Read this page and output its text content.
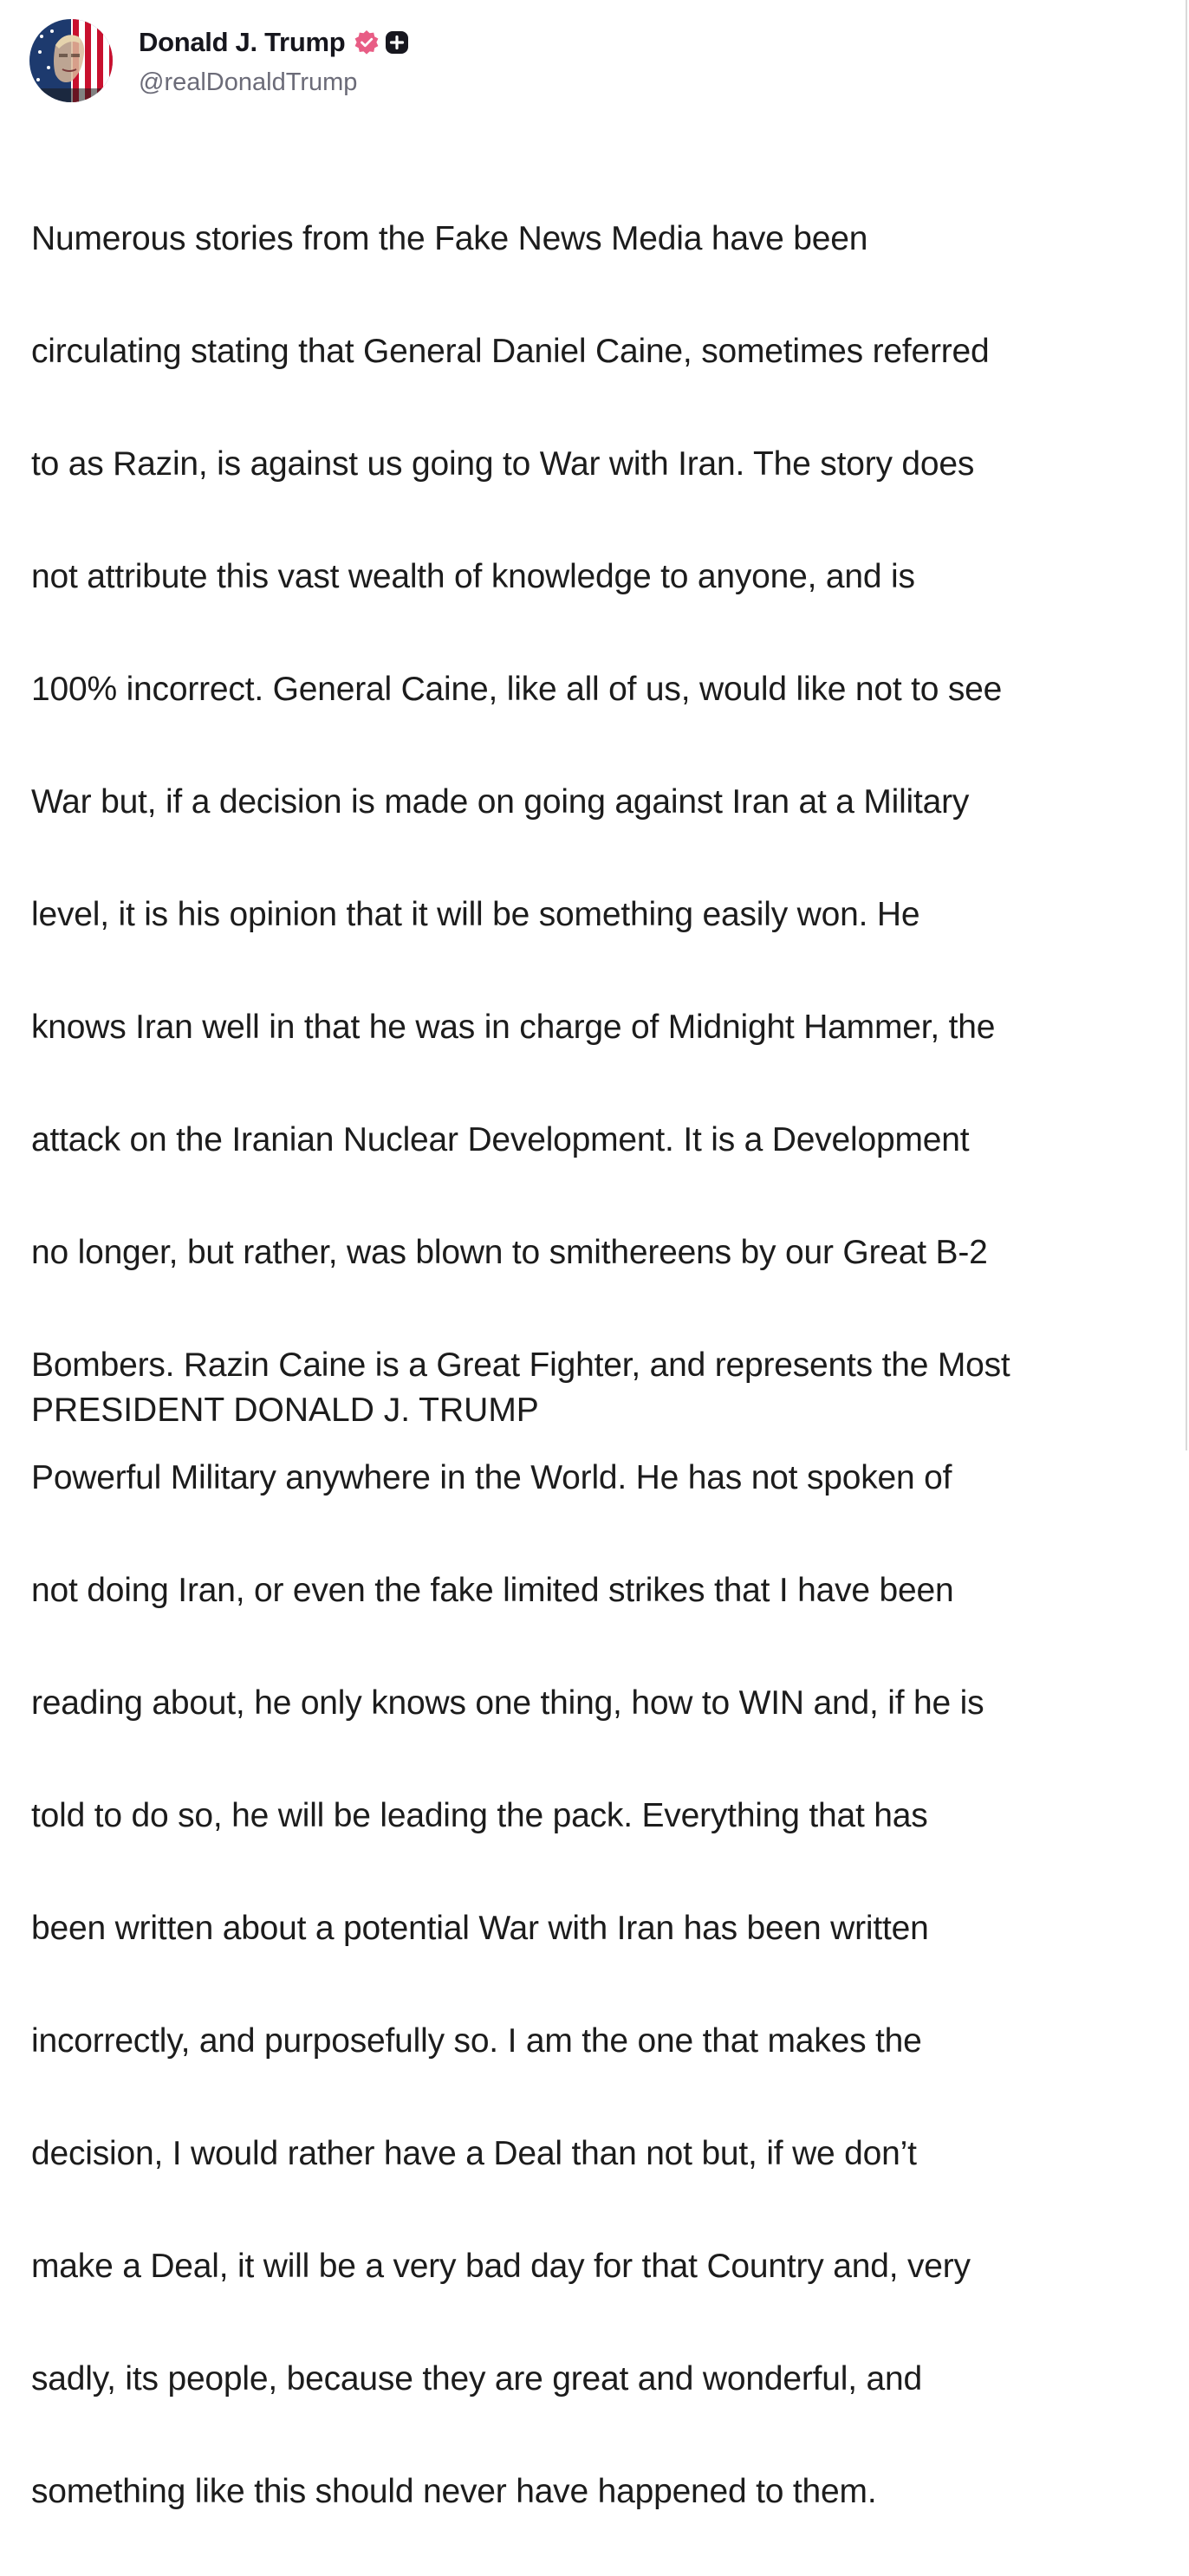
Donald J. Trump
@realDonaldTrump

Numerous stories from the Fake News Media have been

circulating stating that General Daniel Caine, sometimes referred

to as Razin, is against us going to War with Iran. The story does

not attribute this vast wealth of knowledge to anyone, and is

100% incorrect. General Caine, like all of us, would like not to see

War but, if a decision is made on going against Iran at a Military

level, it is his opinion that it will be something easily won. He

knows Iran well in that he was in charge of Midnight Hammer, the

attack on the Iranian Nuclear Development. It is a Development

no longer, but rather, was blown to smithereens by our Great B-2

Bombers. Razin Caine is a Great Fighter, and represents the Most

Powerful Military anywhere in the World. He has not spoken of

not doing Iran, or even the fake limited strikes that I have been

reading about, he only knows one thing, how to WIN and, if he is

told to do so, he will be leading the pack. Everything that has

been written about a potential War with Iran has been written

incorrectly, and purposefully so. I am the one that makes the

decision, I would rather have a Deal than not but, if we don’t

make a Deal, it will be a very bad day for that Country and, very

sadly, its people, because they are great and wonderful, and

something like this should never have happened to them.

PRESIDENT DONALD J. TRUMP
